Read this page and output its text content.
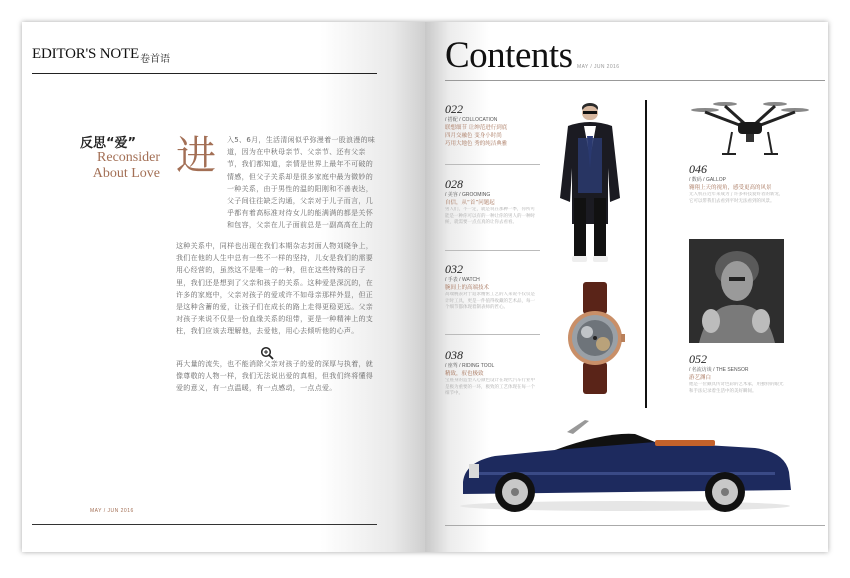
EDITOR'S NOTE 卷首语
反思“爱”
Reconsider
About Love 进 入5、6月，生活清闲似乎弥漫着一股浪漫的味道，因为在中秋母亲节、父亲节、还有父亲节，我们都知道，亲情是世界上最年不可破的情感，但父子关系却是很多家庭中最为微妙的一种关系，由于男性的温的阳刚和不善表达，父子间往往缺乏沟通，父亲对于儿子而言，几乎都有着高标准对待女儿的能满满的都是关怀和包容，父亲在儿子面前总是一副高高在上的
这种关系中，同样也出现在我们本期杂志封面人物刘晓争上，我们在他的人生中总有一些不一样的坚持，儿女是我们的需要用心经营的，虽然这不是唯一的一种，但在这些特殊的日子里，我们还是想到了父亲和孩子的关系。这种爱是深沉的，在许多的家庭中，父亲对孩子的爱或许不如母亲那样外显，但正是这种含蓄的爱，让孩子们在成长的路上走得更稳更远。父亲对孩子来说不仅是一份血缘关系的纽带，更是一种精神上的支柱，我们应该去理解他，去爱他，用心去倾听他的心声。
再大量的流失，也不能消除父亲对孩子的爱的深厚与执着，就像尊敬的人物一样，我们无法说出爱的真相，但我们终将懂得爱的意义，有一点温暖，有一点感动，一点点爱。
MAY / JUN 2016
Contents MAY / JUN 2016
022
/ 搭配 / COLLOCATION
联想细节 让绅范进行到底
四月交融色 变身小时尚
巧用大地色 秀的纯洁典雅
028
/ 美容 / GROOMING
自信，从“首”问题起
男人们，不一定，就是说在那种一季，你所可能是一种你可以有的一种让你的男人的一种时候，就需要一点点真的让你去看看。
032
/ 手表 / WATCH
腕间上的高端技术
高端腕表对于追求精密工艺的人来说不仅仅是计时工具，更是一件值得收藏的艺术品，每一个细节都体现着制表师的匠心。
038
/ 座驾 / RIDING TOOL
精致，驭也极致
宝座身的造型人心颜色设计在现代汽车行业中是极为重要的一环，极致的工艺体现在每一个细节中。
046
/ 数码 / GALLOP
翱翔上天的视角，感受更高的风景
无人机在近年来成为了许多科技爱好者的新宠，它可以带我们去看到平时无法看到的风景。
052
/ 名流访谈 / THE SENSOR
游艺渊白
他是一位颇具传奇色彩的艺术家，用独特的眼光和手法记录着生活中的美好瞬间。
